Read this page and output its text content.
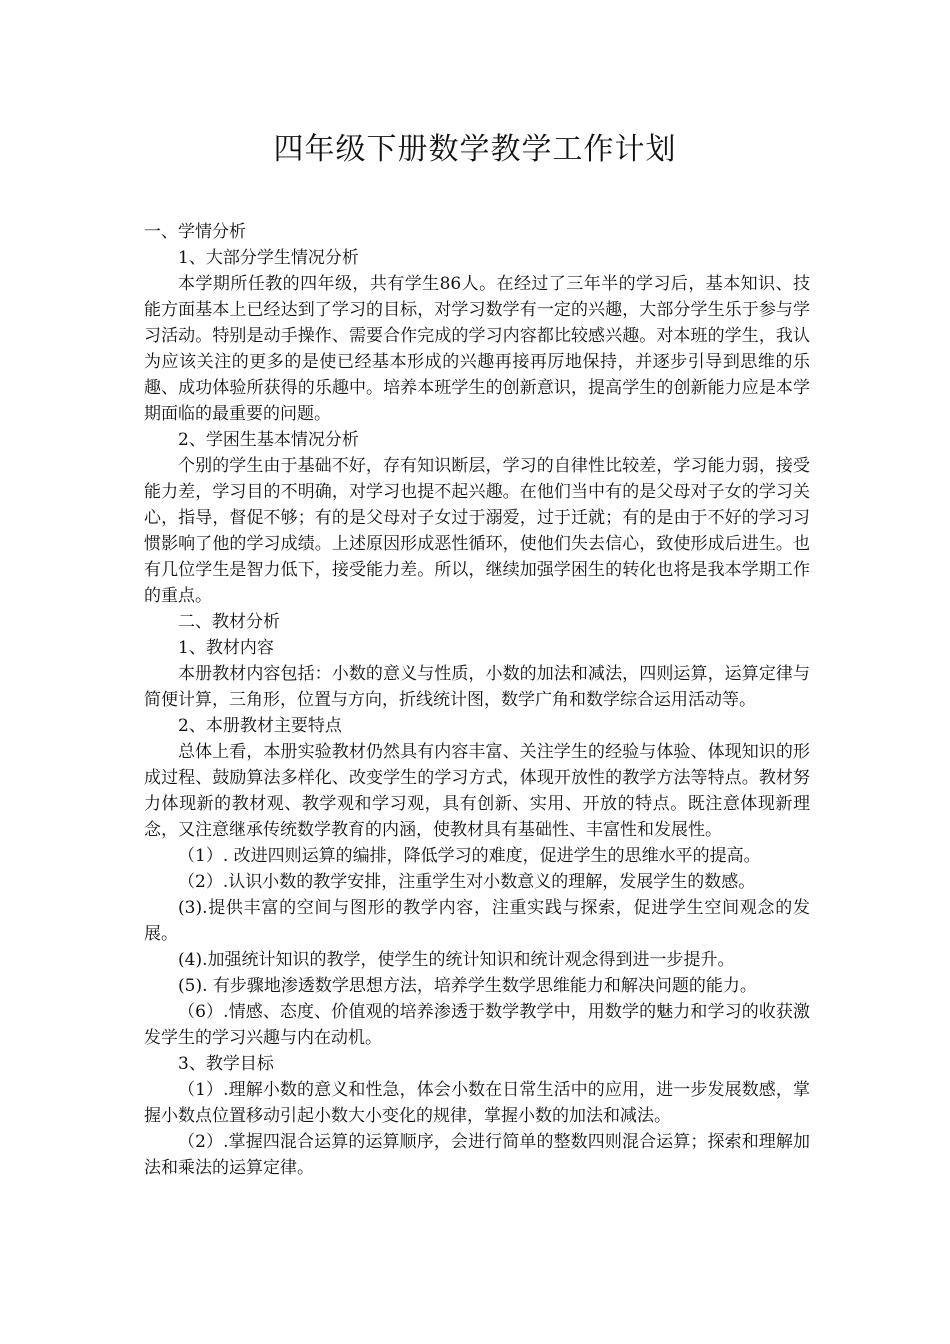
四年级下册数学教学工作计划

一、学情分析

1、大部分学生情况分析

本学期所任教的四年级，共有学生86人。在经过了三年半的学习后，基本知识、技能方面基本上已经达到了学习的目标，对学习数学有一定的兴趣，大部分学生乐于参与学习活动。特别是动手操作、需要合作完成的学习内容都比较感兴趣。对本班的学生，我认为应该关注的更多的是使已经基本形成的兴趣再接再厉地保持，并逐步引导到思维的乐趣、成功体验所获得的乐趣中。培养本班学生的创新意识，提高学生的创新能力应是本学期面临的最重要的问题。

2、学困生基本情况分析

个别的学生由于基础不好，存有知识断层，学习的自律性比较差，学习能力弱，接受能力差，学习目的不明确，对学习也提不起兴趣。在他们当中有的是父母对子女的学习关心，指导，督促不够；有的是父母对子女过于溺爱，过于迁就；有的是由于不好的学习习惯影响了他的学习成绩。上述原因形成恶性循环，使他们失去信心，致使形成后进生。也有几位学生是智力低下，接受能力差。所以，继续加强学困生的转化也将是我本学期工作的重点。

二、教材分析

1、教材内容

本册教材内容包括：小数的意义与性质，小数的加法和减法，四则运算，运算定律与简便计算，三角形，位置与方向，折线统计图，数学广角和数学综合运用活动等。

2、本册教材主要特点

总体上看，本册实验教材仍然具有内容丰富、关注学生的经验与体验、体现知识的形成过程、鼓励算法多样化、改变学生的学习方式，体现开放性的教学方法等特点。教材努力体现新的教材观、教学观和学习观，具有创新、实用、开放的特点。既注意体现新理念，又注意继承传统数学教育的内涵，使教材具有基础性、丰富性和发展性。

（1）. 改进四则运算的编排，降低学习的难度，促进学生的思维水平的提高。

（2）.认识小数的教学安排，注重学生对小数意义的理解，发展学生的数感。

(3).提供丰富的空间与图形的教学内容，注重实践与探索，促进学生空间观念的发展。

(4).加强统计知识的教学，使学生的统计知识和统计观念得到进一步提升。

(5). 有步骤地渗透数学思想方法，培养学生数学思维能力和解决问题的能力。

（6）.情感、态度、价值观的培养渗透于数学教学中，用数学的魅力和学习的收获激发学生的学习兴趣与内在动机。

3、教学目标

（1）.理解小数的意义和性急，体会小数在日常生活中的应用，进一步发展数感，掌握小数点位置移动引起小数大小变化的规律，掌握小数的加法和减法。

（2）.掌握四混合运算的运算顺序，会进行简单的整数四则混合运算；探索和理解加法和乘法的运算定律。
